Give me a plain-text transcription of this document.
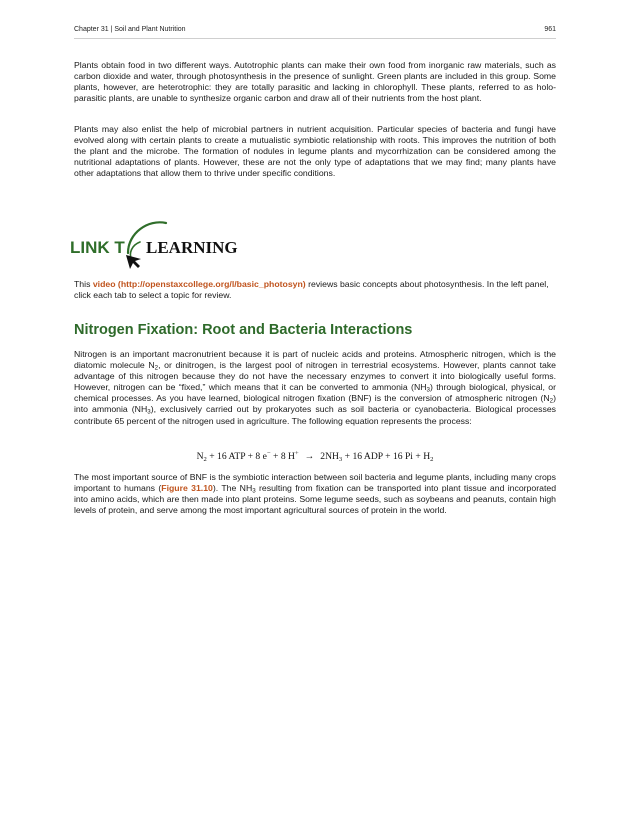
Chapter 31 | Soil and Plant Nutrition	961

Plants obtain food in two different ways. Autotrophic plants can make their own food from inorganic raw materials, such as carbon dioxide and water, through photosynthesis in the presence of sunlight. Green plants are included in this group. Some plants, however, are heterotrophic: they are totally parasitic and lacking in chlorophyll. These plants, referred to as holo-parasitic plants, are unable to synthesize organic carbon and draw all of their nutrients from the host plant.

Plants may also enlist the help of microbial partners in nutrient acquisition. Particular species of bacteria and fungi have evolved along with certain plants to create a mutualistic symbiotic relationship with roots. This improves the nutrition of both the plant and the microbe. The formation of nodules in legume plants and mycorrhization can be considered among the nutritional adaptations of plants. However, these are not the only type of adaptations that we may find; many plants have other adaptations that allow them to thrive under specific conditions.

LINK T LEARNING

This video (http://openstaxcollege.org/l/basic_photosyn) reviews basic concepts about photosynthesis. In the left panel, click each tab to select a topic for review.

Nitrogen Fixation: Root and Bacteria Interactions

Nitrogen is an important macronutrient because it is part of nucleic acids and proteins. Atmospheric nitrogen, which is the diatomic molecule $N_2$, or dinitrogen, is the largest pool of nitrogen in terrestrial ecosystems. However, plants cannot take advantage of this nitrogen because they do not have the necessary enzymes to convert it into biologically useful forms. However, nitrogen can be “fixed,” which means that it can be converted to ammonia $(NH_3)$ through biological, physical, or chemical processes. As you have learned, biological nitrogen fixation (BNF) is the conversion of atmospheric nitrogen $(N_2)$ into ammonia $(NH_3)$, exclusively carried out by prokaryotes such as soil bacteria or cyanobacteria. Biological processes contribute 65 percent of the nitrogen used in agriculture. The following equation represents the process:

$N_2 + 16$ ATP + 8 e− + 8 $H^+ \to 2NH_3 + 16$ ADP + 16 $Pi + H_2$

The most important source of BNF is the symbiotic interaction between soil bacteria and legume plants, including many crops important to humans (Figure 31.10). The $NH_3$ resulting from fixation can be transported into plant tissue and incorporated into amino acids, which are then made into plant proteins. Some legume seeds, such as soybeans and peanuts, contain high levels of protein, and serve among the most important agricultural sources of protein in the world.
